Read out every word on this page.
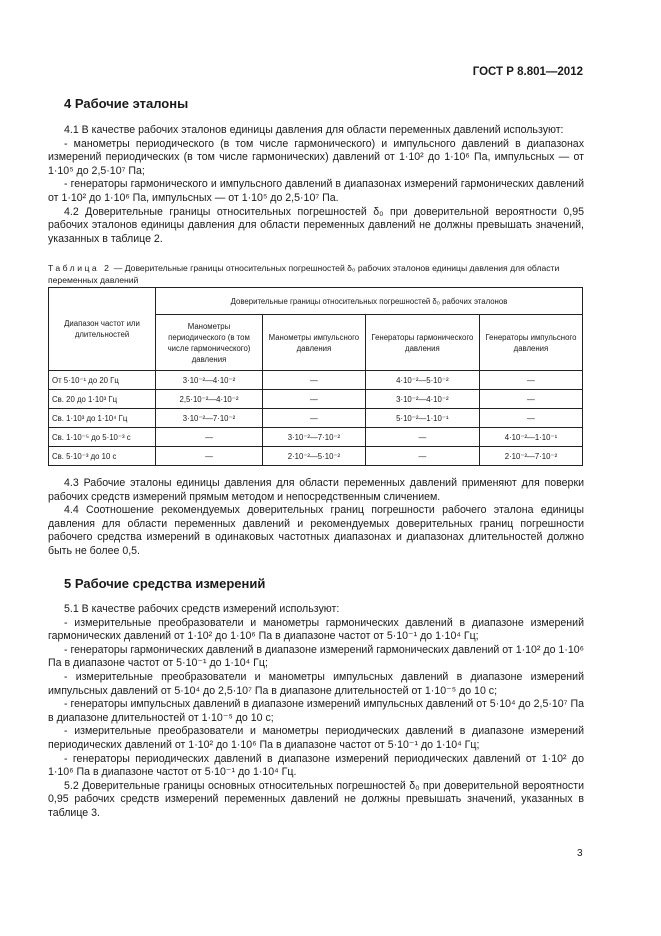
ГОСТ Р 8.801—2012
4 Рабочие эталоны

4.1 В качестве рабочих эталонов единицы давления для области переменных давлений используют:

- манометры периодического (в том числе гармонического) и импульсного давлений в диапазонах измерений периодических (в том числе гармонических) давлений от 1·10² до 1·10⁶ Па, импульсных — от 1·10⁵ до 2,5·10⁷ Па;

- генераторы гармонического и импульсного давлений в диапазонах измерений гармонических давлений от 1·10² до 1·10⁶ Па, импульсных — от 1·10⁵ до 2,5·10⁷ Па.

4.2 Доверительные границы относительных погрешностей δ₀ при доверительной вероятности 0,95 рабочих эталонов единицы давления для области переменных давлений не должны превышать значений, указанных в таблице 2.

Таблица 2 — Доверительные границы относительных погрешностей δ₀ рабочих эталонов единицы давления для области переменных давлений
Диапазон частот или длительностей	Доверительные границы относительных погрешностей δ₀ рабочих эталонов			
	Манометры периодического (в том числе гармонического) давления	Манометры импульсного давления	Генераторы гармонического давления	Генераторы импульсного давления
От 5·10⁻¹ до 20 Гц	3·10⁻²—4·10⁻²	—	4·10⁻²—5·10⁻²	—
Св. 20 до 1·10³ Гц	2,5·10⁻²—4·10⁻²	—	3·10⁻²—4·10⁻²	—
Св. 1·10³ до 1·10⁴ Гц	3·10⁻²—7·10⁻²	—	5·10⁻²—1·10⁻¹	—
Св. 1·10⁻⁵ до 5·10⁻³ с	—	3·10⁻²—7·10⁻²	—	4·10⁻²—1·10⁻¹
Св. 5·10⁻³ до 10 с	—	2·10⁻²—5·10⁻²	—	2·10⁻²—7·10⁻²

4.3 Рабочие эталоны единицы давления для области переменных давлений применяют для поверки рабочих средств измерений прямым методом и непосредственным сличением.

4.4 Соотношение рекомендуемых доверительных границ погрешности рабочего эталона единицы давления для области переменных давлений и рекомендуемых доверительных границ погрешности рабочего средства измерений в одинаковых частотных диапазонах и диапазонах длительностей должно быть не более 0,5.

5 Рабочие средства измерений

5.1 В качестве рабочих средств измерений используют:

- измерительные преобразователи и манометры гармонических давлений в диапазоне измерений гармонических давлений от 1·10² до 1·10⁶ Па в диапазоне частот от 5·10⁻¹ до 1·10⁴ Гц;

- генераторы гармонических давлений в диапазоне измерений гармонических давлений от 1·10² до 1·10⁶ Па в диапазоне частот от 5·10⁻¹ до 1·10⁴ Гц;

- измерительные преобразователи и манометры импульсных давлений в диапазоне измерений импульсных давлений от 5·10⁴ до 2,5·10⁷ Па в диапазоне длительностей от 1·10⁻⁵ до 10 с;

- генераторы импульсных давлений в диапазоне измерений импульсных давлений от 5·10⁴ до 2,5·10⁷ Па в диапазоне длительностей от 1·10⁻⁵ до 10 с;

- измерительные преобразователи и манометры периодических давлений в диапазоне измерений периодических давлений от 1·10² до 1·10⁶ Па в диапазоне частот от 5·10⁻¹ до 1·10⁴ Гц;

- генераторы периодических давлений в диапазоне измерений периодических давлений от 1·10² до 1·10⁶ Па в диапазоне частот от 5·10⁻¹ до 1·10⁴ Гц.

5.2 Доверительные границы основных относительных погрешностей δ₀ при доверительной вероятности 0,95 рабочих средств измерений переменных давлений не должны превышать значений, указанных в таблице 3.

3
